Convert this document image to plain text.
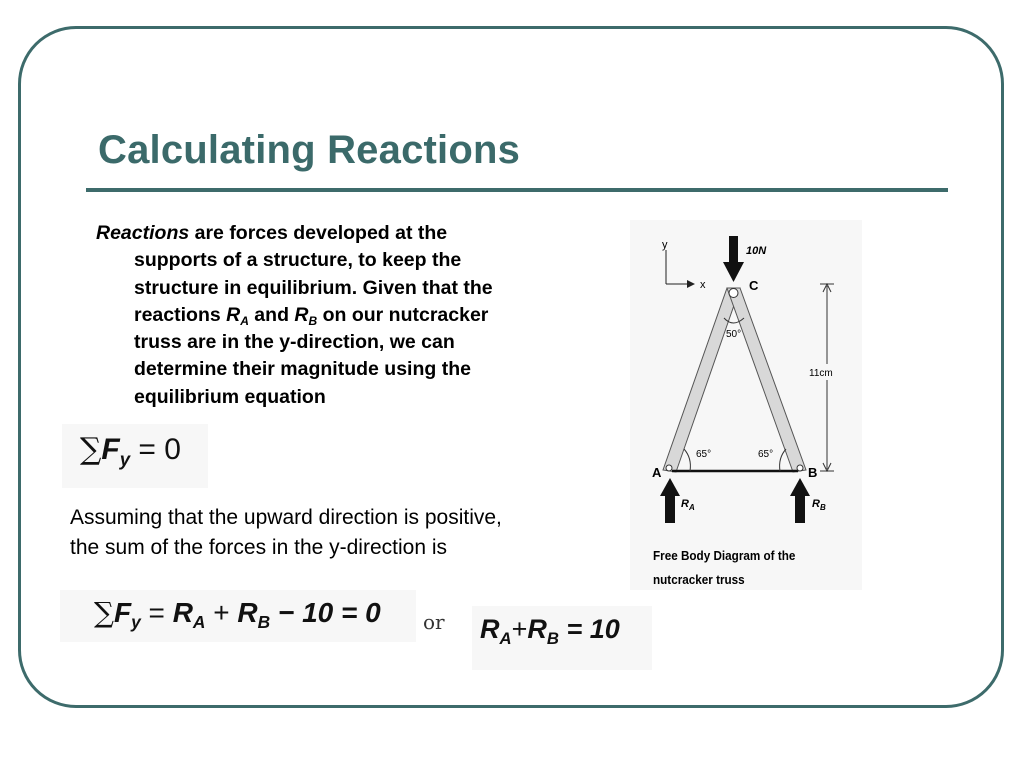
Calculating Reactions

Reactions are forces developed at the
supports of a structure, to keep the
structure in equilibrium. Given that the
reactions $R_A$ and $R_B$ on our nutcracker
truss are in the y-direction, we can
determine their magnitude using the
equilibrium equation

$\sum F_y = 0$

Assuming that the upward direction is positive,
the sum of the forces in the y-direction is

$\sum F_y = R_A + R_B - 10 = 0$ or $R_A+R_B = 10$
y
x
10N
C
50°
65°	65°
11cm
A	B
$R_A$	$R_B$
Free Body Diagram of the
nutcracker truss
